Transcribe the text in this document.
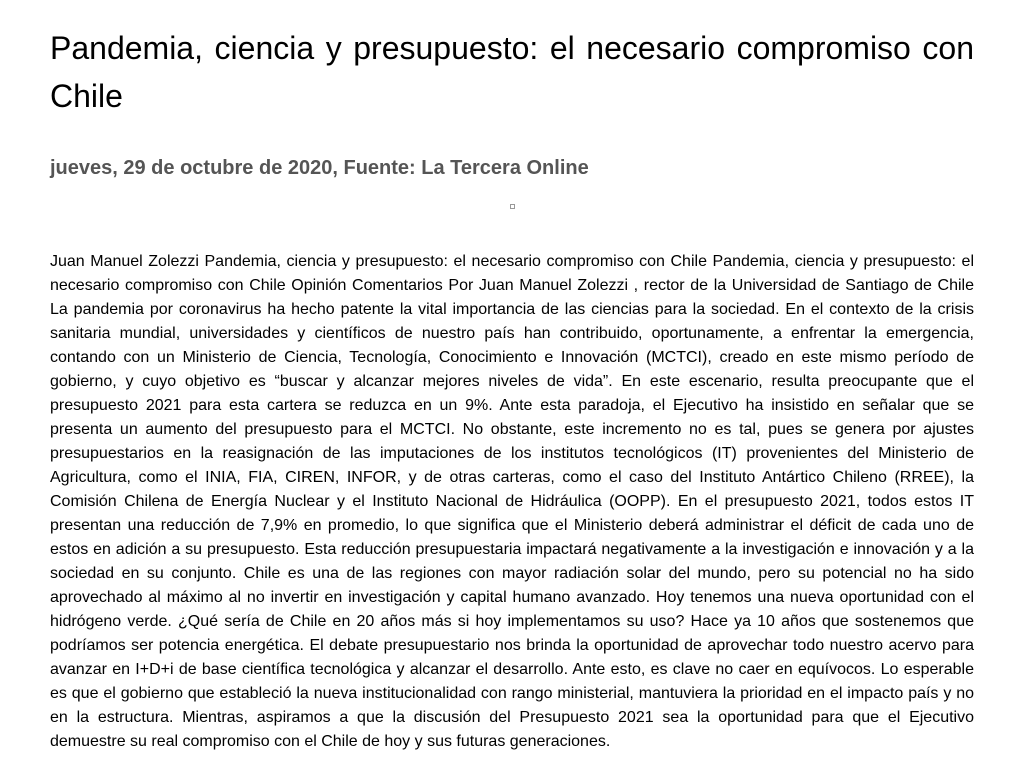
Pandemia, ciencia y presupuesto: el necesario compromiso con Chile

jueves, 29 de octubre de 2020, Fuente: La Tercera Online

Juan Manuel Zolezzi Pandemia, ciencia y presupuesto: el necesario compromiso con Chile Pandemia, ciencia y presupuesto: el necesario compromiso con Chile Opinión Comentarios Por Juan Manuel Zolezzi , rector de la Universidad de Santiago de Chile La pandemia por coronavirus ha hecho patente la vital importancia de las ciencias para la sociedad. En el contexto de la crisis sanitaria mundial, universidades y científicos de nuestro país han contribuido, oportunamente, a enfrentar la emergencia, contando con un Ministerio de Ciencia, Tecnología, Conocimiento e Innovación (MCTCI), creado en este mismo período de gobierno, y cuyo objetivo es “buscar y alcanzar mejores niveles de vida”. En este escenario, resulta preocupante que el presupuesto 2021 para esta cartera se reduzca en un 9%. Ante esta paradoja, el Ejecutivo ha insistido en señalar que se presenta un aumento del presupuesto para el MCTCI. No obstante, este incremento no es tal, pues se genera por ajustes presupuestarios en la reasignación de las imputaciones de los institutos tecnológicos (IT) provenientes del Ministerio de Agricultura, como el INIA, FIA, CIREN, INFOR, y de otras carteras, como el caso del Instituto Antártico Chileno (RREE), la Comisión Chilena de Energía Nuclear y el Instituto Nacional de Hidráulica (OOPP). En el presupuesto 2021, todos estos IT presentan una reducción de 7,9% en promedio, lo que significa que el Ministerio deberá administrar el déficit de cada uno de estos en adición a su presupuesto. Esta reducción presupuestaria impactará negativamente a la investigación e innovación y a la sociedad en su conjunto. Chile es una de las regiones con mayor radiación solar del mundo, pero su potencial no ha sido aprovechado al máximo al no invertir en investigación y capital humano avanzado. Hoy tenemos una nueva oportunidad con el hidrógeno verde. ¿Qué sería de Chile en 20 años más si hoy implementamos su uso? Hace ya 10 años que sostenemos que podríamos ser potencia energética. El debate presupuestario nos brinda la oportunidad de aprovechar todo nuestro acervo para avanzar en I+D+i de base científica tecnológica y alcanzar el desarrollo. Ante esto, es clave no caer en equívocos. Lo esperable es que el gobierno que estableció la nueva institucionalidad con rango ministerial, mantuviera la prioridad en el impacto país y no en la estructura. Mientras, aspiramos a que la discusión del Presupuesto 2021 sea la oportunidad para que el Ejecutivo demuestre su real compromiso con el Chile de hoy y sus futuras generaciones.
